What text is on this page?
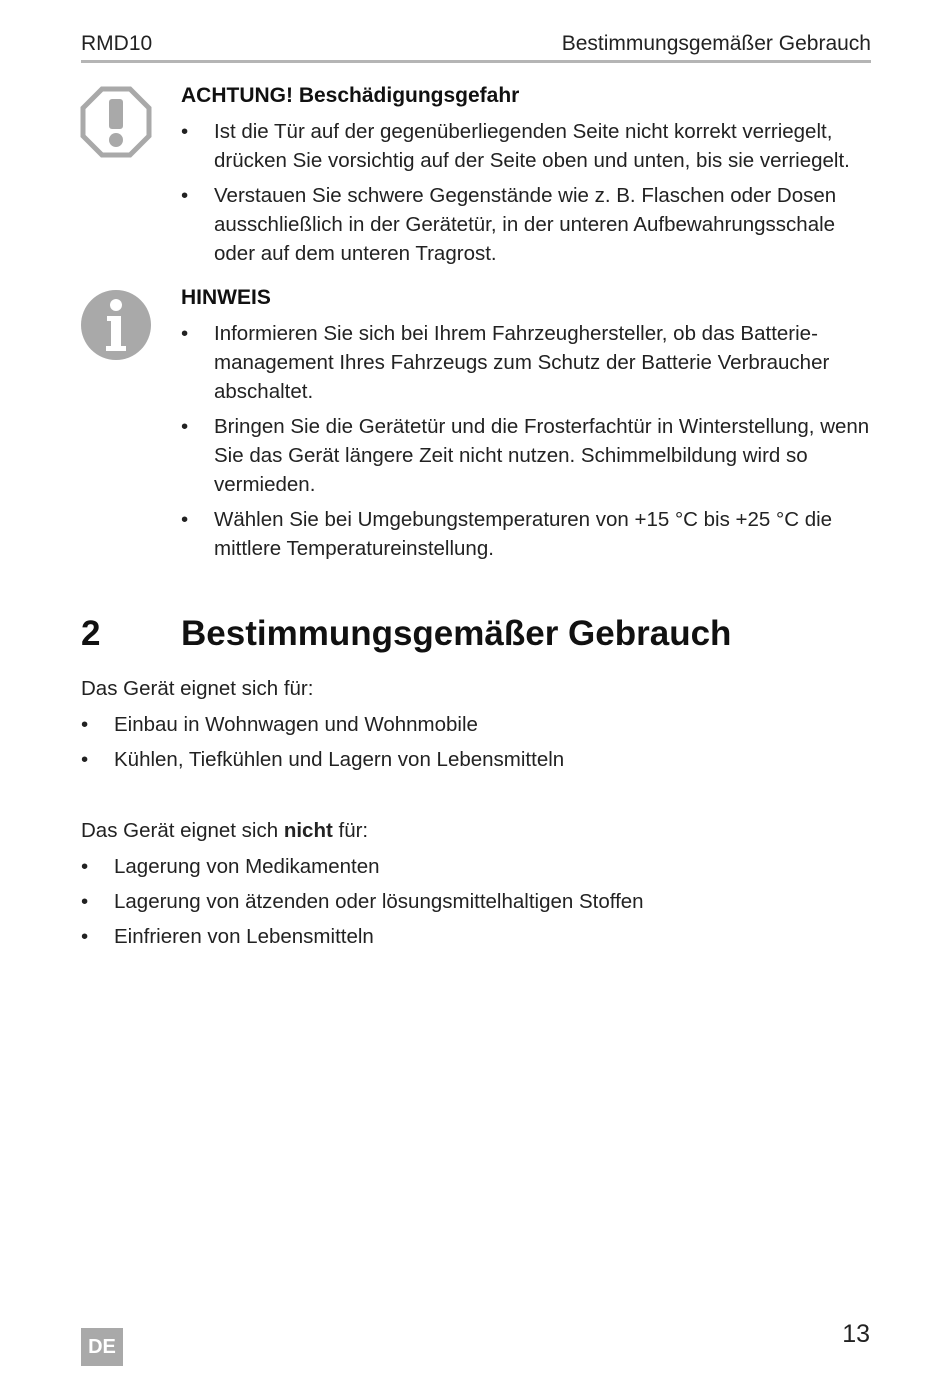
RMD10	Bestimmungsgemäßer Gebrauch
ACHTUNG! Beschädigungsgefahr
• Ist die Tür auf der gegenüberliegenden Seite nicht korrekt verriegelt, drücken Sie vorsichtig auf der Seite oben und unten, bis sie verriegelt.
• Verstauen Sie schwere Gegenstände wie z. B. Flaschen oder Dosen ausschließlich in der Gerätetür, in der unteren Aufbewahrungsschale oder auf dem unteren Tragrost.
HINWEIS
• Informieren Sie sich bei Ihrem Fahrzeughersteller, ob das Batterie-management Ihres Fahrzeugs zum Schutz der Batterie Verbraucher abschaltet.
• Bringen Sie die Gerätetür und die Frosterfachtür in Winterstellung, wenn Sie das Gerät längere Zeit nicht nutzen. Schimmelbildung wird so vermieden.
• Wählen Sie bei Umgebungstemperaturen von +15 °C bis +25 °C die mittlere Temperatureinstellung.
2 Bestimmungsgemäßer Gebrauch
Das Gerät eignet sich für:
• Einbau in Wohnwagen und Wohnmobile
• Kühlen, Tiefkühlen und Lagern von Lebensmitteln
Das Gerät eignet sich nicht für:
• Lagerung von Medikamenten
• Lagerung von ätzenden oder lösungsmittelhaltigen Stoffen
• Einfrieren von Lebensmitteln
DE	13
